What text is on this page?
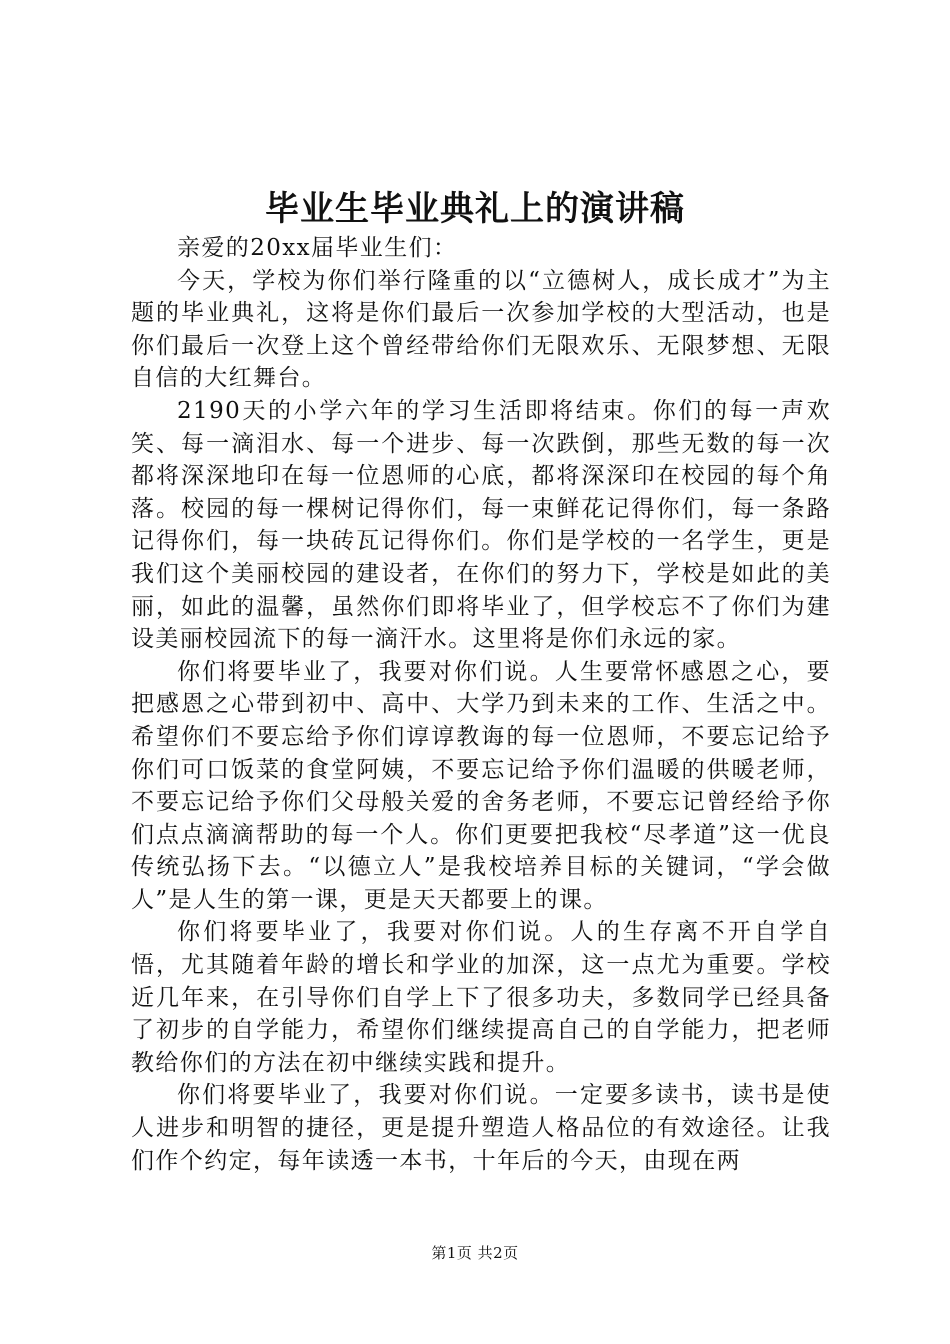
毕业生毕业典礼上的演讲稿

亲爱的20xx届毕业生们：

今天，学校为你们举行隆重的以“立德树人，成长成才”为主题的毕业典礼，这将是你们最后一次参加学校的大型活动，也是你们最后一次登上这个曾经带给你们无限欢乐、无限梦想、无限自信的大红舞台。

2190天的小学六年的学习生活即将结束。你们的每一声欢笑、每一滴泪水、每一个进步、每一次跌倒，那些无数的每一次都将深深地印在每一位恩师的心底，都将深深印在校园的每个角落。校园的每一棵树记得你们，每一束鲜花记得你们，每一条路记得你们，每一块砖瓦记得你们。你们是学校的一名学生，更是我们这个美丽校园的建设者，在你们的努力下，学校是如此的美丽，如此的温馨，虽然你们即将毕业了，但学校忘不了你们为建设美丽校园流下的每一滴汗水。这里将是你们永远的家。

你们将要毕业了，我要对你们说。人生要常怀感恩之心，要把感恩之心带到初中、高中、大学乃到未来的工作、生活之中。希望你们不要忘给予你们谆谆教诲的每一位恩师，不要忘记给予你们可口饭菜的食堂阿姨，不要忘记给予你们温暖的供暖老师，不要忘记给予你们父母般关爱的舍务老师，不要忘记曾经给予你们点点滴滴帮助的每一个人。你们更要把我校“尽孝道”这一优良传统弘扬下去。“以德立人”是我校培养目标的关键词，“学会做人”是人生的第一课，更是天天都要上的课。

你们将要毕业了，我要对你们说。人的生存离不开自学自悟，尤其随着年龄的增长和学业的加深，这一点尤为重要。学校近几年来，在引导你们自学上下了很多功夫，多数同学已经具备了初步的自学能力，希望你们继续提高自己的自学能力，把老师教给你们的方法在初中继续实践和提升。

你们将要毕业了，我要对你们说。一定要多读书，读书是使人进步和明智的捷径，更是提升塑造人格品位的有效途径。让我们作个约定，每年读透一本书，十年后的今天，由现在两

第1页 共2页
